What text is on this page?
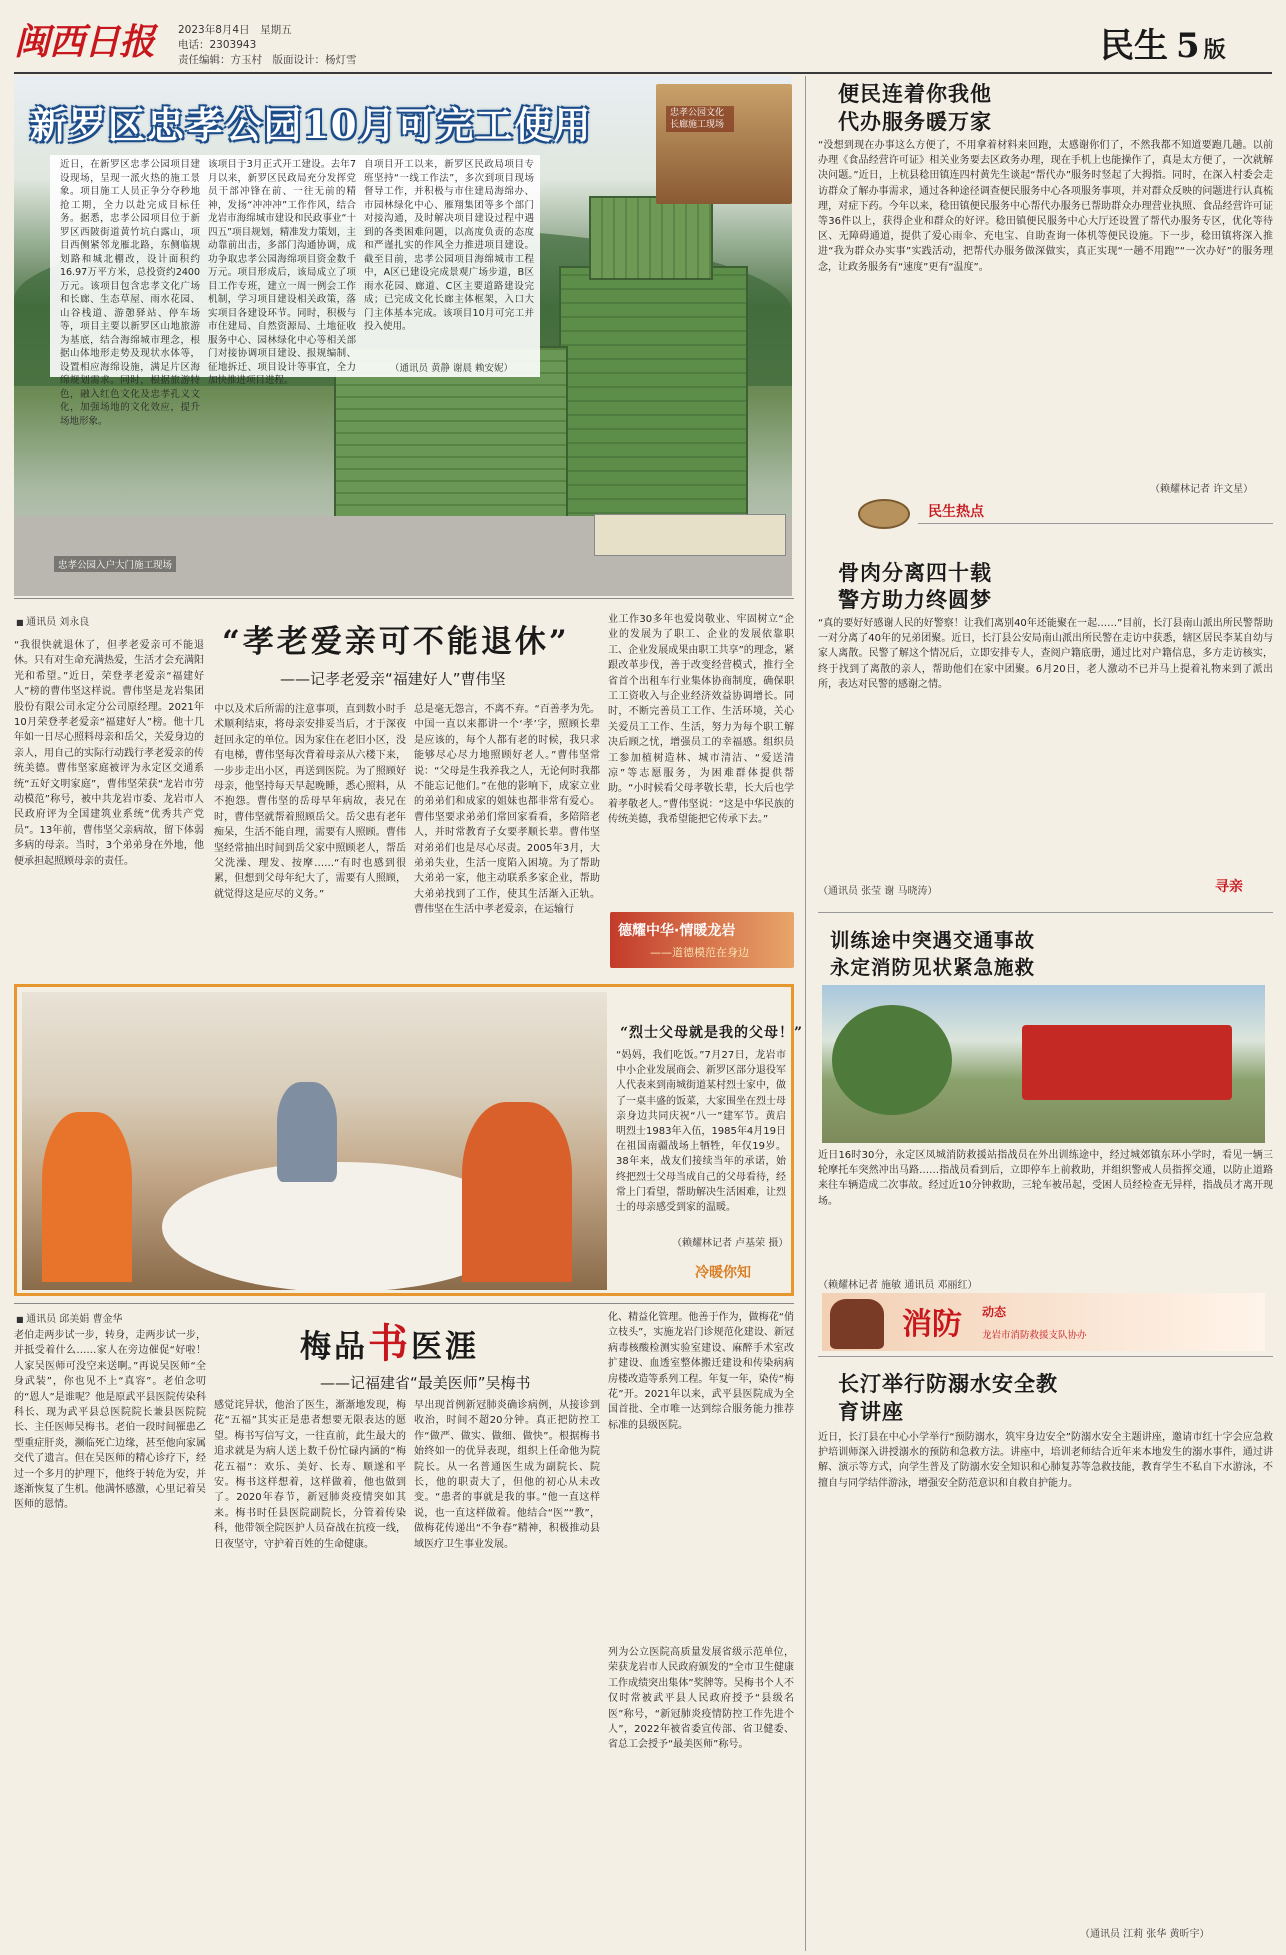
闽西日报 2023年8月4日　星期五
电话：2303943
责任编辑：方玉村　版面设计：杨灯雪	民生 5 版
忠孝公园文化长廊施工现场
忠孝公园入户大门施工现场
新罗区忠孝公园10月可完工使用
近日，在新罗区忠孝公园项目建设现场，呈现一派火热的施工景象。项目施工人员正争分夺秒地抢工期，全力以赴完成目标任务。据悉，忠孝公园项目位于新罗区西陂街道黄竹坑白露山，项目西侧紧邻龙雁北路，东侧临规划路和城北棚改，设计面积约16.97万平方米，总投资约2400万元。该项目包含忠孝文化广场和长廊、生态草屋、雨水花园、山谷栈道、游憩驿站、停车场等，项目主要以新罗区山地旅游为基底，结合海绵城市理念，根据山体地形走势及现状水体等，设置相应海绵设施，满足片区海绵规划需求。同时，根据旅游特色，融入红色文化及忠孝孔义文化，加强场地的文化效应，提升场地形象。
该项目于3月正式开工建设。去年7月以来，新罗区民政局充分发挥党员干部冲锋在前、一往无前的精神，发扬“冲冲冲”工作作风，结合龙岩市海绵城市建设和民政事业“十四五”项目规划，精准发力策划，主动靠前出击，多部门沟通协调，成功争取忠孝公园海绵项目资金数千万元。项目形成后，该局成立了项目工作专班，建立一周一例会工作机制，学习项目建设相关政策，落实项目各建设环节。同时，积极与市住建局、自然资源局、土地征收服务中心、园林绿化中心等相关部门对接协调项目建设、报规编制、征地拆迁、项目设计等事宜，全力加快推进项目进程。
自项目开工以来，新罗区民政局项目专班坚持“一线工作法”，多次到项目现场督导工作，并积极与市住建局海绵办、市园林绿化中心、雁翔集团等多个部门对接沟通，及时解决项目建设过程中遇到的各类困难问题，以高度负责的态度和严谨扎实的作风全力推进项目建设。截至目前，忠孝公园项目海绵城市工程中，A区已建设完成景观广场步道，B区雨水花园、廊道、C区主要道路建设完成；已完成文化长廊主体框架，入口大门主体基本完成。该项目10月可完工并投入使用。
（通讯员 黄静 谢晨 赖安妮）
便民连着你我他
代办服务暖万家
“没想到现在办事这么方便了，不用拿着材料来回跑，太感谢你们了，不然我都不知道要跑几趟。以前办理《食品经营许可证》相关业务要去区政务办理，现在手机上也能操作了，真是太方便了，一次就解决问题。”近日，上杭县稔田镇连四村黄先生谈起“帮代办”服务时竖起了大拇指。同时，在深入村委会走访群众了解办事需求，通过各种途径调查便民服务中心各项服务事项，并对群众反映的问题进行认真梳理，对症下药。今年以来，稔田镇便民服务中心帮代办服务已帮助群众办理营业执照、食品经营许可证等36件以上，获得企业和群众的好评。稔田镇便民服务中心大厅还设置了帮代办服务专区，优化等待区、无障碍通道，提供了爱心雨伞、充电宝、自助查询一体机等便民设施。下一步，稔田镇将深入推进“我为群众办实事”实践活动，把帮代办服务做深做实，真正实现“一趟不用跑”“一次办好”的服务理念，让政务服务有“速度”更有“温度”。
（赖耀林记者 许文星）
民生热点
骨肉分离四十载
警方助力终圆梦
“真的要好好感谢人民的好警察！让我们离别40年还能聚在一起……”目前，长汀县南山派出所民警帮助一对分离了40年的兄弟团聚。近日，长汀县公安局南山派出所民警在走访中获悉，辖区居民李某自幼与家人离散。民警了解这个情况后，立即安排专人，查阅户籍底册，通过比对户籍信息，多方走访核实，终于找到了离散的亲人，帮助他们在家中团聚。6月20日，老人激动不已并马上提着礼物来到了派出所，表达对民警的感谢之情。
（通讯员 张莹 谢 马晓涛）	寻亲
训练途中突遇交通事故
永定消防见状紧急施救
近日16时30分，永定区凤城消防救援站指战员在外出训练途中，经过城郊镇东环小学时，看见一辆三轮摩托车突然冲出马路……指战员看到后，立即停车上前救助，并组织警戒人员指挥交通，以防止道路来往车辆造成二次事故。经过近10分钟救助，三轮车被吊起，受困人员经检查无异样，指战员才离开现场。
（赖耀林记者 施敏 通讯员 邓丽红）
消防 动态
龙岩市消防救援支队协办
长汀举行防溺水安全教育讲座
近日，长汀县在中心小学举行“预防溺水，筑牢身边安全”防溺水安全主题讲座，邀请市红十字会应急救护培训师深入讲授溺水的预防和急救方法。讲座中，培训老师结合近年来本地发生的溺水事件，通过讲解、演示等方式，向学生普及了防溺水安全知识和心肺复苏等急救技能，教育学生不私自下水游泳，不擅自与同学结伴游泳，增强安全防范意识和自救自护能力。
（通讯员 江莉 张华 黄昕宇）
■ 通讯员 刘永良
“孝老爱亲可不能退休”
——记孝老爱亲“福建好人”曹伟坚
“我很快就退休了，但孝老爱亲可不能退休。只有对生命充满热爱，生活才会充满阳光和希望。”近日，荣登孝老爱亲“福建好人”榜的曹伟坚这样说。曹伟坚是龙岩集团股份有限公司永定分公司原经理。2021年10月荣登孝老爱亲“福建好人”榜。他十几年如一日尽心照料母亲和岳父，关爱身边的亲人，用自己的实际行动践行孝老爱亲的传统美德。曹伟坚家庭被评为永定区交通系统“五好文明家庭”，曹伟坚荣获“龙岩市劳动模范”称号，被中共龙岩市委、龙岩市人民政府评为全国建筑业系统“优秀共产党员”。13年前，曹伟坚父亲病故，留下体弱多病的母亲。当时，3个弟弟身在外地，他便承担起照顾母亲的责任。
中以及术后所需的注意事项，直到数小时手术顺利结束，将母亲安排妥当后，才于深夜赶回永定的单位。因为家住在老旧小区，没有电梯，曹伟坚每次背着母亲从六楼下来，一步步走出小区，再送到医院。为了照顾好母亲，他坚持每天早起晚睡，悉心照料，从不抱怨。曹伟坚的岳母早年病故，表兄在时，曹伟坚就帮着照顾岳父。岳父患有老年痴呆，生活不能自理，需要有人照顾。曹伟坚经常抽出时间到岳父家中照顾老人，帮岳父洗澡、理发、按摩……“有时也感到很累，但想到父母年纪大了，需要有人照顾，就觉得这是应尽的义务。”
总是毫无怨言，不离不弃。“百善孝为先。中国一直以来都讲一个‘孝’字，照顾长辈是应该的，每个人都有老的时候，我只求能够尽心尽力地照顾好老人。”曹伟坚常说：“父母是生我养我之人，无论何时我都不能忘记他们。”在他的影响下，成家立业的弟弟们和成家的姐妹也都非常有爱心。曹伟坚要求弟弟们常回家看看，多陪陪老人，并时常教育子女要孝顺长辈。曹伟坚对弟弟们也是尽心尽责。2005年3月，大弟弟失业，生活一度陷入困境。为了帮助大弟弟一家，他主动联系多家企业，帮助大弟弟找到了工作，使其生活渐入正轨。曹伟坚在生活中孝老爱亲，在运输行
业工作30多年也爱岗敬业、牢固树立“企业的发展为了职工、企业的发展依靠职工、企业发展成果由职工共享”的理念，紧跟改革步伐，善于改变经营模式，推行全省首个出租车行业集体协商制度，确保职工工资收入与企业经济效益协调增长。同时，不断完善员工工作、生活环境，关心关爱员工工作、生活，努力为每个职工解决后顾之忧，增强员工的幸福感。组织员工参加植树造林、城市清洁、“爱送清凉”等志愿服务，为困难群体提供帮助。“小时候看父母孝敬长辈，长大后也学着孝敬老人。”曹伟坚说：“这是中华民族的传统美德，我希望能把它传承下去。”
德耀中华·情暖龙岩
——道德模范在身边
“烈士父母就是我的父母！”
“妈妈，我们吃饭。”7月27日，龙岩市中小企业发展商会、新罗区部分退役军人代表来到南城街道某村烈士家中，做了一桌丰盛的饭菜，大家围坐在烈士母亲身边共同庆祝“八一”建军节。黄启明烈士1983年入伍，1985年4月19日在祖国南疆战场上牺牲，年仅19岁。38年来，战友们接续当年的承诺，始终把烈士父母当成自己的父母看待，经常上门看望，帮助解决生活困难，让烈士的母亲感受到家的温暖。
（赖耀林记者 卢基荣 摄）
冷暖你知
■ 通讯员 邱美娟 曹金华
梅品书医涯
——记福建省“最美医师”吴梅书
老伯走两步试一步，转身，走两步试一步，并抵受着什么……家人在旁边催促“好啦！人家吴医师可没空来送啊。”再说吴医师“全身武装”，你也见不上“真容”。老伯念叨的“恩人”是谁呢？他是原武平县医院传染科科长、现为武平县总医院院长兼县医院院长、主任医师吴梅书。老伯一段时间罹患乙型重症肝炎，濒临死亡边缘，甚至他向家属交代了遗言。但在吴医师的精心诊疗下，经过一个多月的护理下，他终于转危为安，并逐渐恢复了生机。他满怀感激，心里记着吴医师的恩情。
感觉诧异状，他治了医生，渐渐地发现，梅花“五福”其实正是患者想要无限表达的愿望。梅书写信写文，一往直前，此生最大的追求就是为病人送上数千份忙碌内涵的“梅花五福”：欢乐、美好、长寿、顺遂和平安。梅书这样想着，这样做着，他也做到了。2020年春节，新冠肺炎疫情突如其来。梅书时任县医院副院长，分管着传染科，他带领全院医护人员奋战在抗疫一线，日夜坚守，守护着百姓的生命健康。
早出现首例新冠肺炎确诊病例，从接诊到收治，时间不超20分钟。真正把防控工作“做严、做实、做细、做快”。根据梅书始终如一的优异表现，组织上任命他为院院长。从一名普通医生成为副院长、院长，他的职责大了，但他的初心从未改变。“患者的事就是我的事。”他一直这样说，也一直这样做着。他结合“医”“教”，做梅花传递出“不争春”精神，积极推动县域医疗卫生事业发展。
化、精益化管理。他善于作为，做梅花“俏立枝头”，实施龙岩门诊规范化建设、新冠病毒核酸检测实验室建设、麻醉手术室改扩建设、血透室整体搬迁建设和传染病病房楼改造等系列工程。年复一年，染传“梅花”开。2021年以来，武平县医院成为全国首批、全市唯一达到综合服务能力推荐标准的县级医院。
列为公立医院高质量发展省级示范单位，荣获龙岩市人民政府颁发的“全市卫生健康工作成绩突出集体”奖牌等。吴梅书个人不仅时常被武平县人民政府授予“县级名医”称号，“新冠肺炎疫情防控工作先进个人”，2022年被省委宣传部、省卫健委、省总工会授予“最美医师”称号。
